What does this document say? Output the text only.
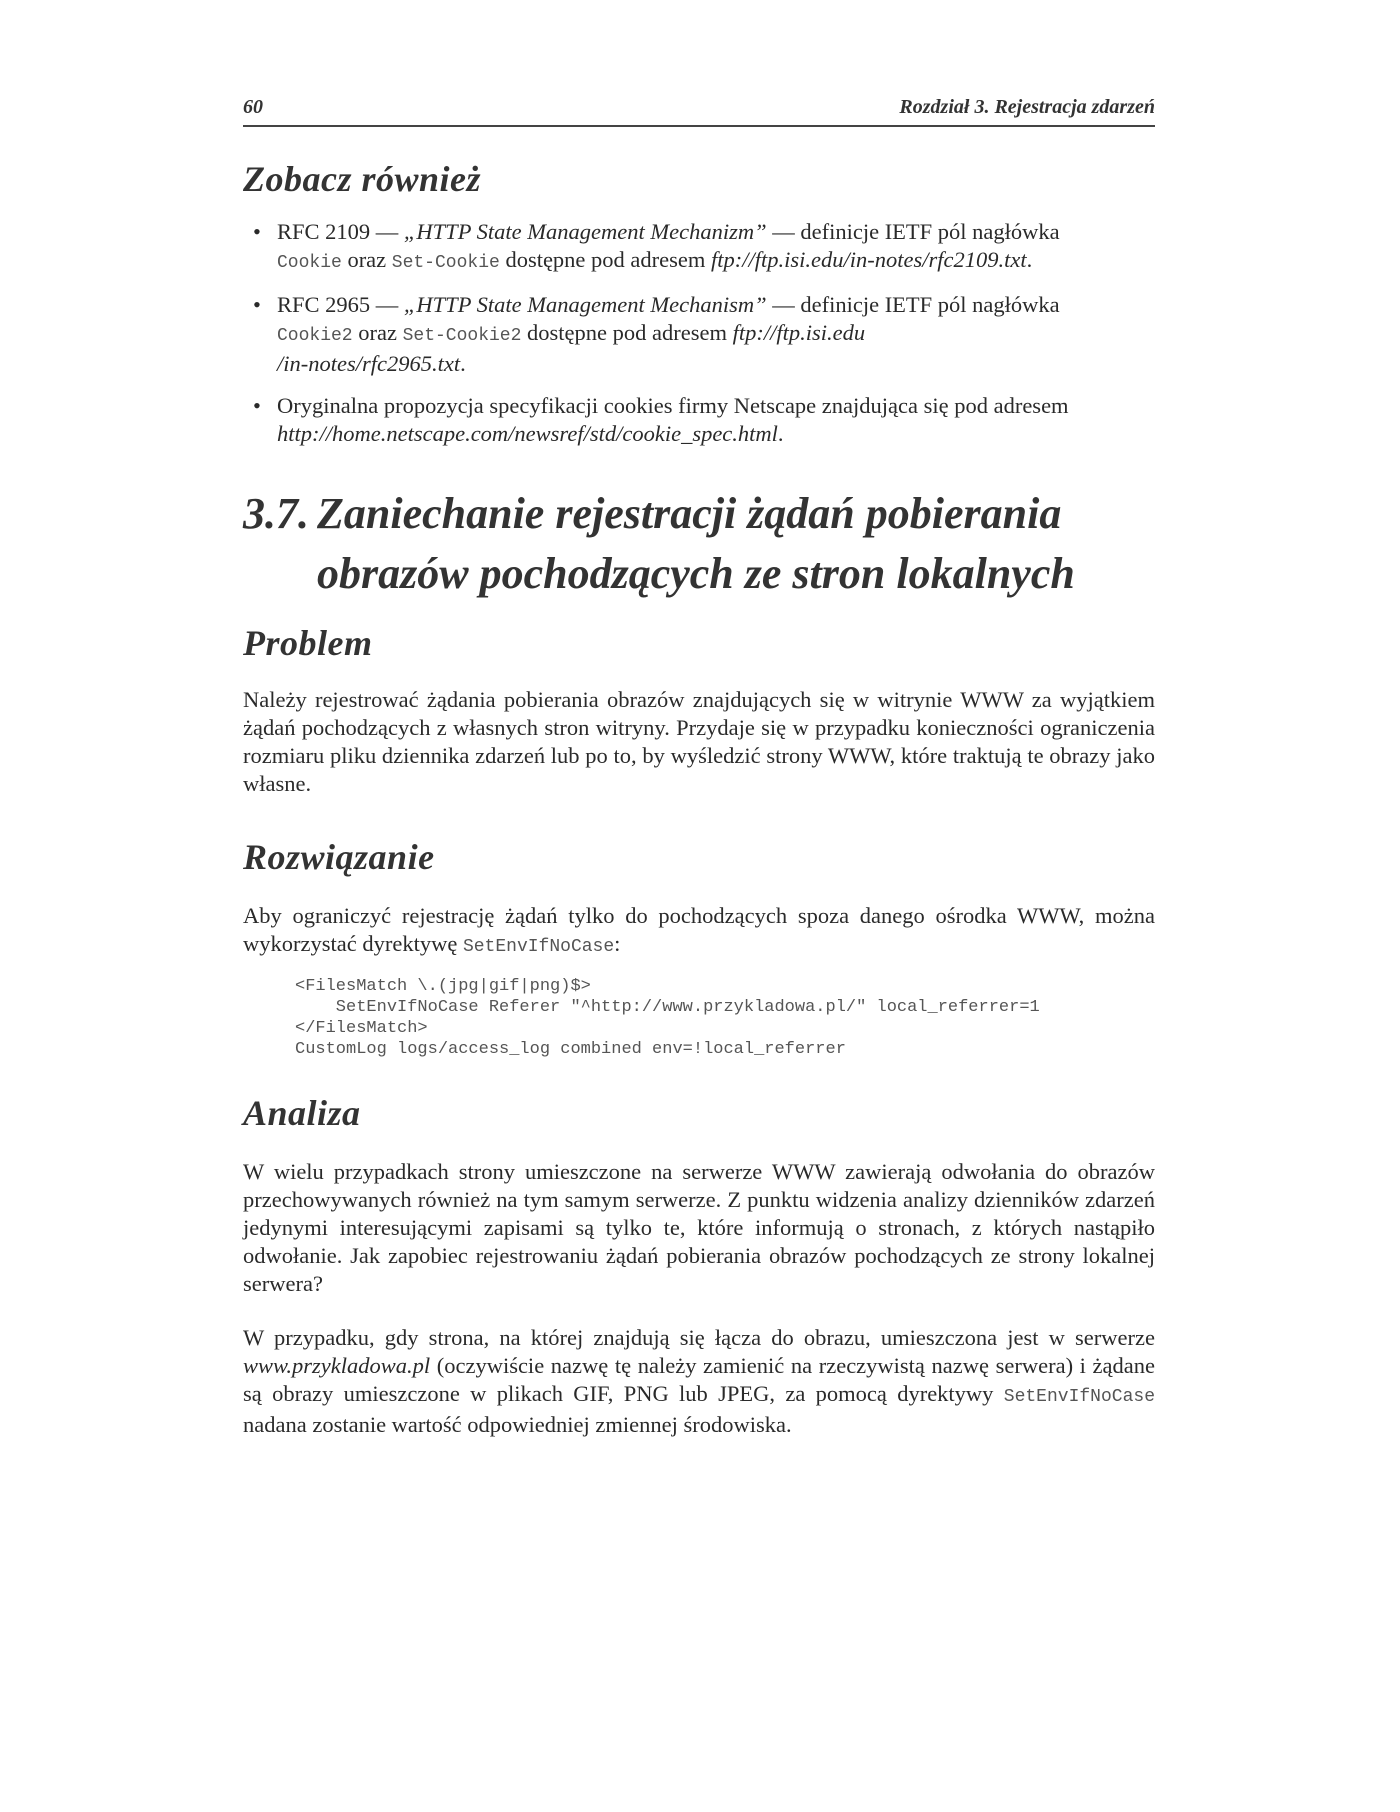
60	Rozdział 3. Rejestracja zdarzeń
Zobacz również
• RFC 2109 — „HTTP State Management Mechanizm” — definicje IETF pól nagłówka
Cookie oraz Set-Cookie dostępne pod adresem ftp://ftp.isi.edu/in-notes/rfc2109.txt.
• RFC 2965 — „HTTP State Management Mechanism” — definicje IETF pól nagłówka
Cookie2 oraz Set-Cookie2 dostępne pod adresem ftp://ftp.isi.edu
/in-notes/rfc2965.txt.
• Oryginalna propozycja specyfikacji cookies firmy Netscape znajdująca się pod adresem http://home.netscape.com/newsref/std/cookie_spec.html.
3.7. Zaniechanie rejestracji żądań pobierania
obrazów pochodzących ze stron lokalnych
Problem

Należy rejestrować żądania pobierania obrazów znajdujących się w witrynie WWW za wyjątkiem żądań pochodzących z własnych stron witryny. Przydaje się w przypadku konieczności ograniczenia rozmiaru pliku dziennika zdarzeń lub po to, by wyśledzić strony WWW, które traktują te obrazy jako własne.

Rozwiązanie

Aby ograniczyć rejestrację żądań tylko do pochodzących spoza danego ośrodka WWW, można wykorzystać dyrektywę SetEnvIfNoCase:

<FilesMatch \.(jpg|gif|png)$>
SetEnvIfNoCase Referer "^http://www.przykladowa.pl/" local_referrer=1
</FilesMatch>
CustomLog logs/access_log combined env=!local_referrer
Analiza

W wielu przypadkach strony umieszczone na serwerze WWW zawierają odwołania do obrazów przechowywanych również na tym samym serwerze. Z punktu widzenia analizy dzienników zdarzeń jedynymi interesującymi zapisami są tylko te, które informują o stronach, z których nastąpiło odwołanie. Jak zapobiec rejestrowaniu żądań pobierania obrazów pochodzących ze strony lokalnej serwera?

W przypadku, gdy strona, na której znajdują się łącza do obrazu, umieszczona jest w serwerze www.przykladowa.pl (oczywiście nazwę tę należy zamienić na rzeczywistą nazwę serwera) i żądane są obrazy umieszczone w plikach GIF, PNG lub JPEG, za pomocą dyrektywy SetEnvIfNoCase nadana zostanie wartość odpowiedniej zmiennej środowiska.
